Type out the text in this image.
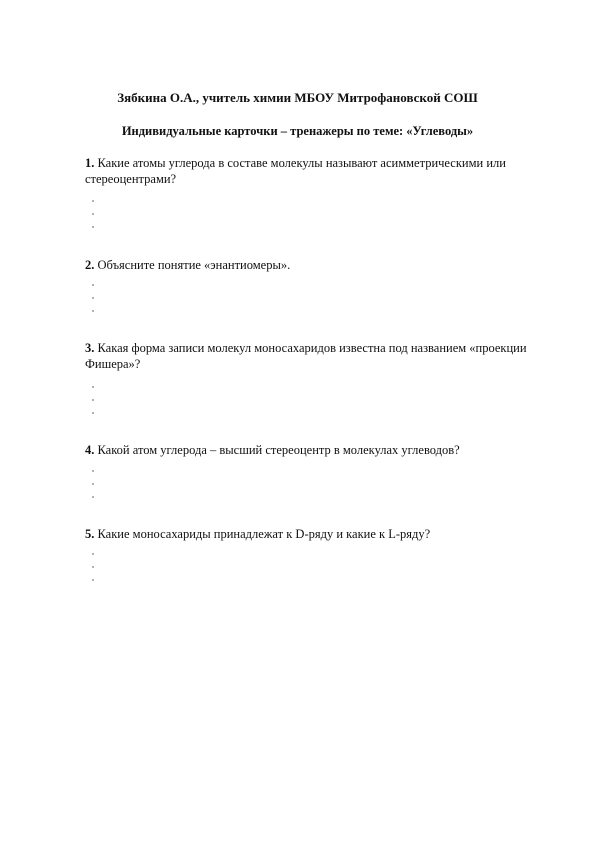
Зябкина О.А., учитель химии МБОУ Митрофановской СОШ
Индивидуальные карточки – тренажеры по теме: «Углеводы»
1. Какие атомы углерода в составе молекулы называют асимметрическими или стереоцентрами?
2. Объясните понятие «энантиомеры».
3. Какая форма записи молекул моносахаридов известна под названием «проекции Фишера»?
4. Какой атом углерода – высший стереоцентр в молекулах углеводов?
5. Какие моносахариды принадлежат к D-ряду и какие к L-ряду?
